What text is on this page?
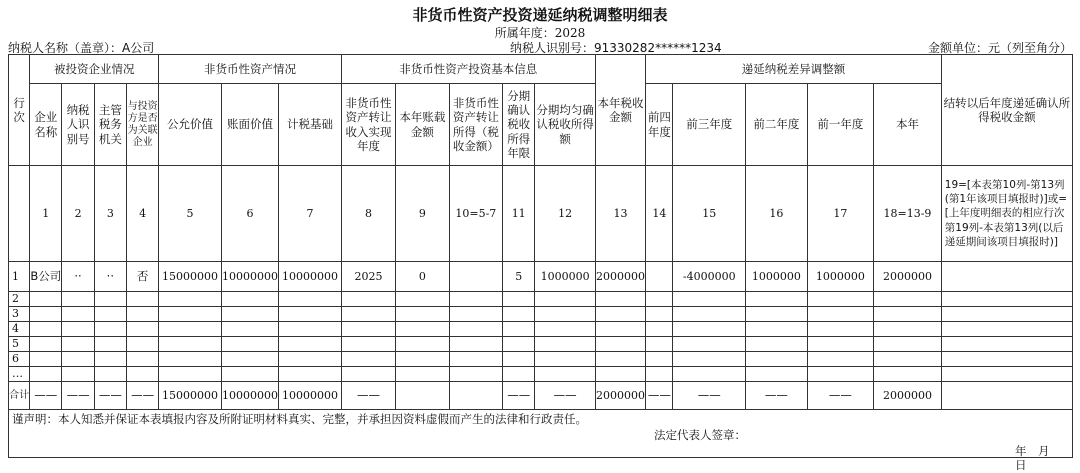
非货币性资产投资递延纳税调整明细表
所属年度：2028
纳税人名称（盖章）：A公司	纳税人识别号：91330282******1234	金额单位：元（列至角分）
行次	被投资企业情况				非货币性资产情况			非货币性资产投资基本信息					本年税收金额	递延纳税差异调整额					结转以后年度递延确认所得税收金额
	企业名称	纳税人识别号	主管税务机关	与投资方是否为关联企业	公允价值	账面价值	计税基础	非货币性资产转让收入实现年度	本年账载金额	非货币性资产转让所得（税收金额）	分期确认税收所得年限	分期均匀确认税收所得额		前四年度	前三年度	前二年度	前一年度	本年	
	1	2	3	4	5	6	7	8	9	10=5-7	11	12	13	14	15	16	17	18=13-9	19=[本表第10列-第13列(第1年该项目填报时)]或=[上年度明细表的相应行次第19列-本表第13列(以后递延期间该项目填报时)]
1	B公司	··	··	否	15000000	10000000	10000000	2025	0		5	1000000	2000000		-4000000	1000000	1000000	2000000	
2																			
3																			
4																			
5																			
6																			
…																			
合计	——	——	——	——	15000000	10000000	10000000	——			——	——	2000000	——	——	——	——	2000000	

谨声明：本人知悉并保证本表填报内容及所附证明材料真实、完整，并承担因资料虚假而产生的法律和行政责任。
法定代表人签章：
年　月　日																			
